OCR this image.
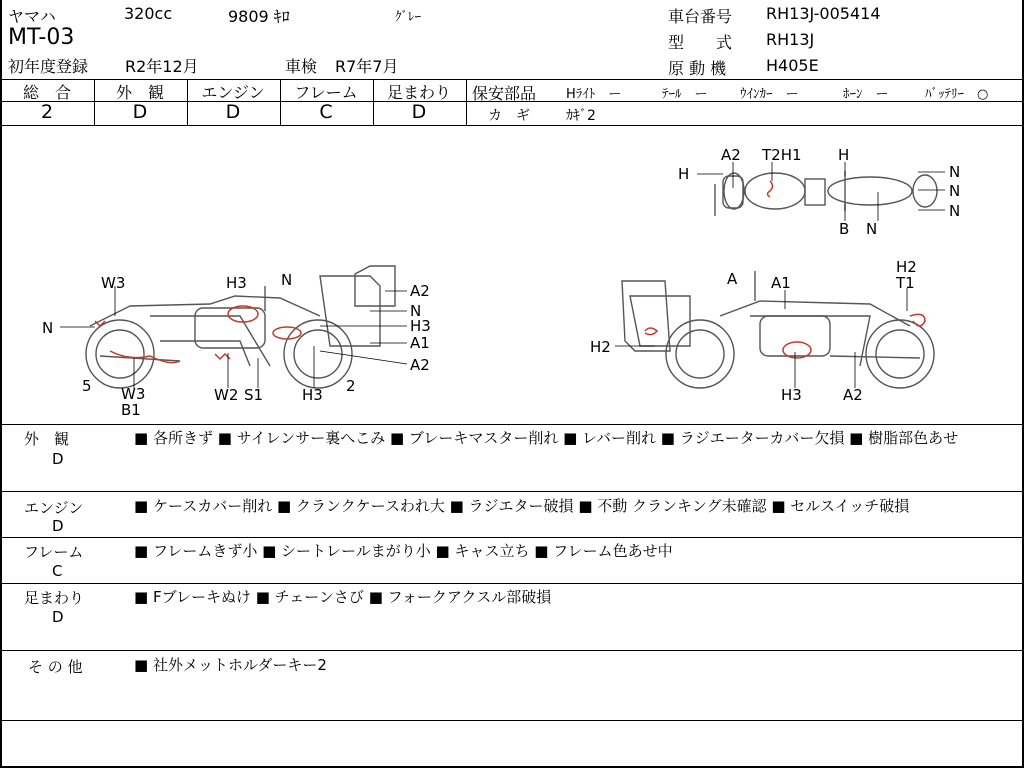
ヤマハ	320cc	9809 ｷﾛ	ｸﾞﾚｰ
MT-03
初年度登録 R2年12月	車検 R7年7月
車台番号 RH13J-005414
型　　式 RH13J
原 動 機 H405E
総　合	外　観	エンジン	フレーム	足まわり
2	D	D	C	D
保安部品 Hﾗｲﾄ　ー	ﾃｰﾙ　ー ｳｲﾝｶｰ　ー	ﾎｰﾝ　ー	ﾊﾞｯﾃﾘｰ　○
カ　ギ	ｶｷﾞ2
A2 T2H1 H
H	N
N
N
B N
W3
N
H3 N
A2
N
H3
A1
A2
5 W3
B1
W2 S1	H3 2
A A1
H2
T1
H2
H3	A2
外　観
D
■ 各所きず ■ サイレンサー裏へこみ ■ ブレーキマスター削れ ■ レバー削れ ■ ラジエーターカバー欠損 ■ 樹脂部色あせ
エンジン
D
■ ケースカバー削れ ■ クランクケースわれ大 ■ ラジエター破損 ■ 不動 クランキング未確認 ■ セルスイッチ破損
フレーム
C
■ フレームきず小 ■ シートレールまがり小 ■ キャス立ち ■ フレーム色あせ中
足まわり
D
■ Fブレーキぬけ ■ チェーンさび ■ フォークアクスル部破損
そ の 他	■ 社外メットホルダーキー2
